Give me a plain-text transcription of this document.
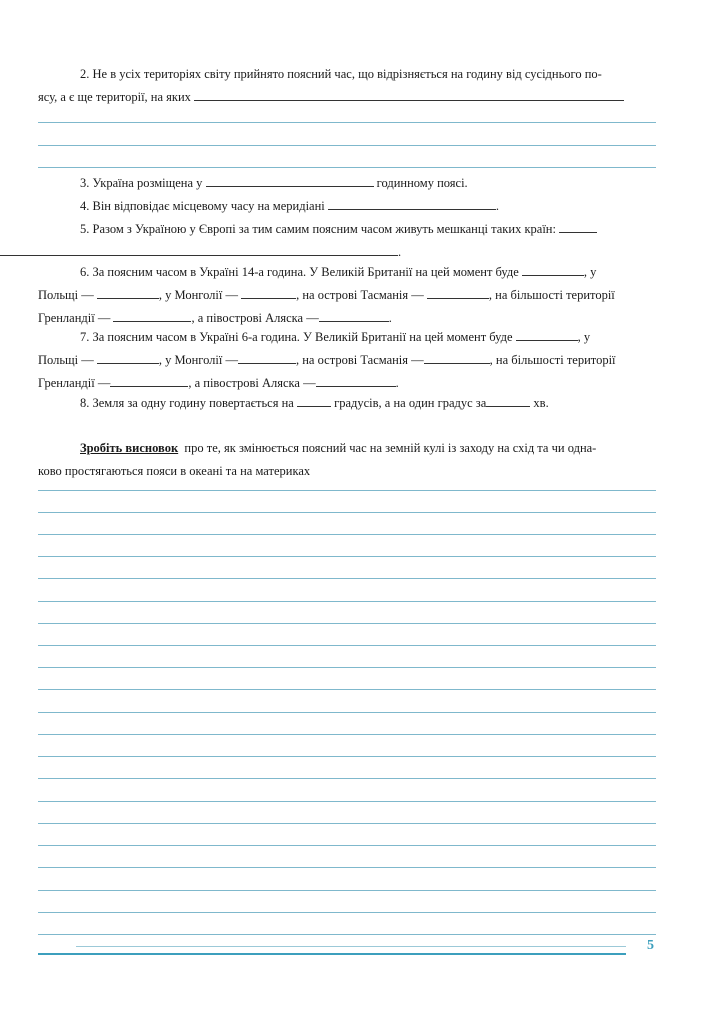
2. Не в усіх територіях світу прийнято поясний час, що відрізняється на годину від сусіднього по-
ясу, а є ще території, на яких
3. Україна розміщена у	годинному поясі.
4. Він відповідає місцевому часу на меридіані	.
5. Разом з Україною у Європі за тим самим поясним часом живуть мешканці таких країн:
.
6. За поясним часом в Україні 14-а година. У Великій Британії на цей момент буде	, у
Польщі —	, у Монголії —	, на острові Тасманія —	, на більшості території
Гренландії —	, а півострові Аляска —	.
7. За поясним часом в Україні 6-а година. У Великій Британії на цей момент буде	, у
Польщі —	, у Монголії —	, на острові Тасманія —	, на більшості території
Гренландії —	, а півострові Аляска —	.
8. Земля за одну годину повертається на	градусів, а на один градус за	хв.
Зробіть висновок про те, як змінюється поясний час на земній кулі із заходу на схід та чи одна-
ково простягаються пояси в океані та на материках
5
